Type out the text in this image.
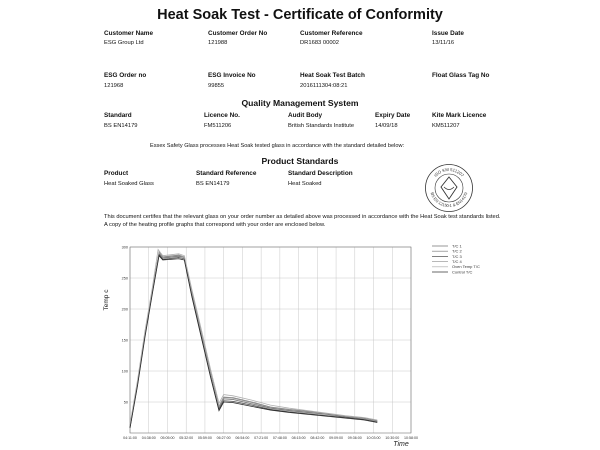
Heat Soak Test - Certificate of Conformity
Customer Name
ESG Group Ltd
Customer Order No
121988
Customer Reference
DR1683 00002
Issue Date
13/11/16
ESG Order no
121968
ESG Invoice No
99855
Heat Soak Test Batch
2016111304:08:21
Float Glass Tag No
Quality Management System
Standard
BS EN14179
Licence No.
FM511206
Audit Body
British Standards Institute
Expiry Date
14/09/18
Kite Mark Licence
KM511207
Essex Safety Glass processes Heat Soak tested glass in accordance with the standard detailed below:
Product Standards
Product
Heat Soaked Glass
Standard Reference
BS EN14179
Standard Description
Heat Soaked
ISO KM 511207
BS EN 12150-1 & EN14179
This document certifes that the relevant glass on your order number as detailed above was processed in accordance with the Heat Soak test standards listed. A copy of the heating profile graphs that correspond with your order are enclosed below.
04:11:00 04:38:00 05:05:00 05:32:00 05:59:00 06:27:00 06:54:00 07:21:00 07:48:00 08:15:00 08:42:00 09:09:00 09:36:00 10:03:00 10:30:00 10:58:00
50
100
150
200
250
300	T/C 1
T/C 2
T/C 3
T/C 4
Oven Temp T/C
Control T/C
Temp c
Time
